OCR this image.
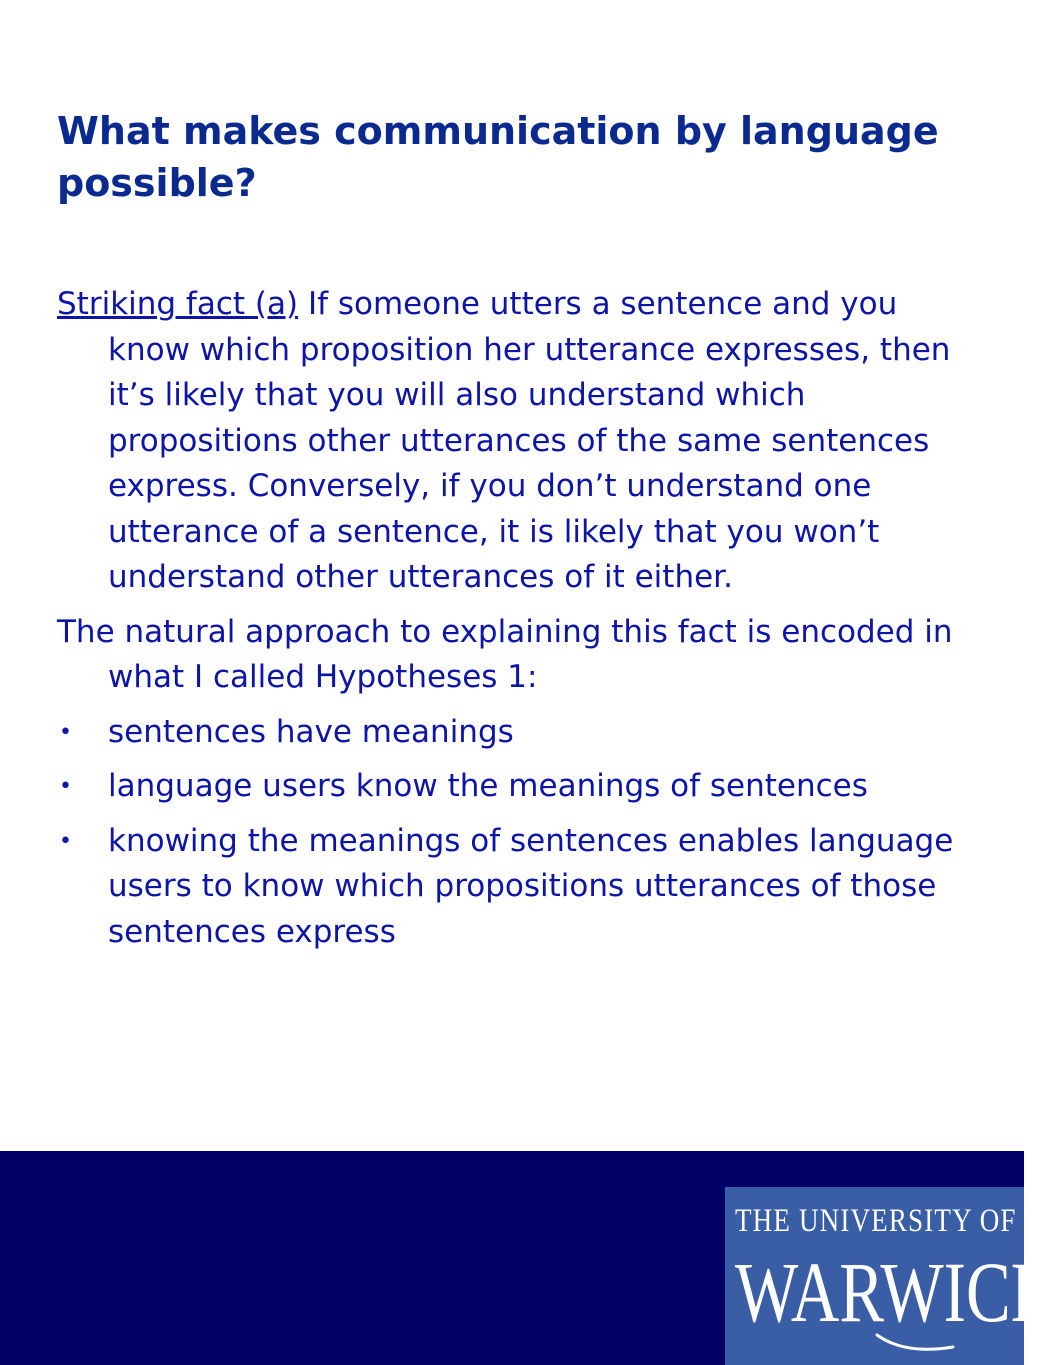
What makes communication by language possible?

Striking fact (a) If someone utters a sentence and you know which proposition her utterance expresses, then it’s likely that you will also understand which propositions other utterances of the same sentences express. Conversely, if you don’t understand one utterance of a sentence, it is likely that you won’t understand other utterances of it either.

The natural approach to explaining this fact is encoded in what I called Hypotheses 1:

• sentences have meanings
• language users know the meanings of sentences
• knowing the meanings of sentences enables language users to know which propositions utterances of those sentences express
THE UNIVERSITY OF
WARWICK
